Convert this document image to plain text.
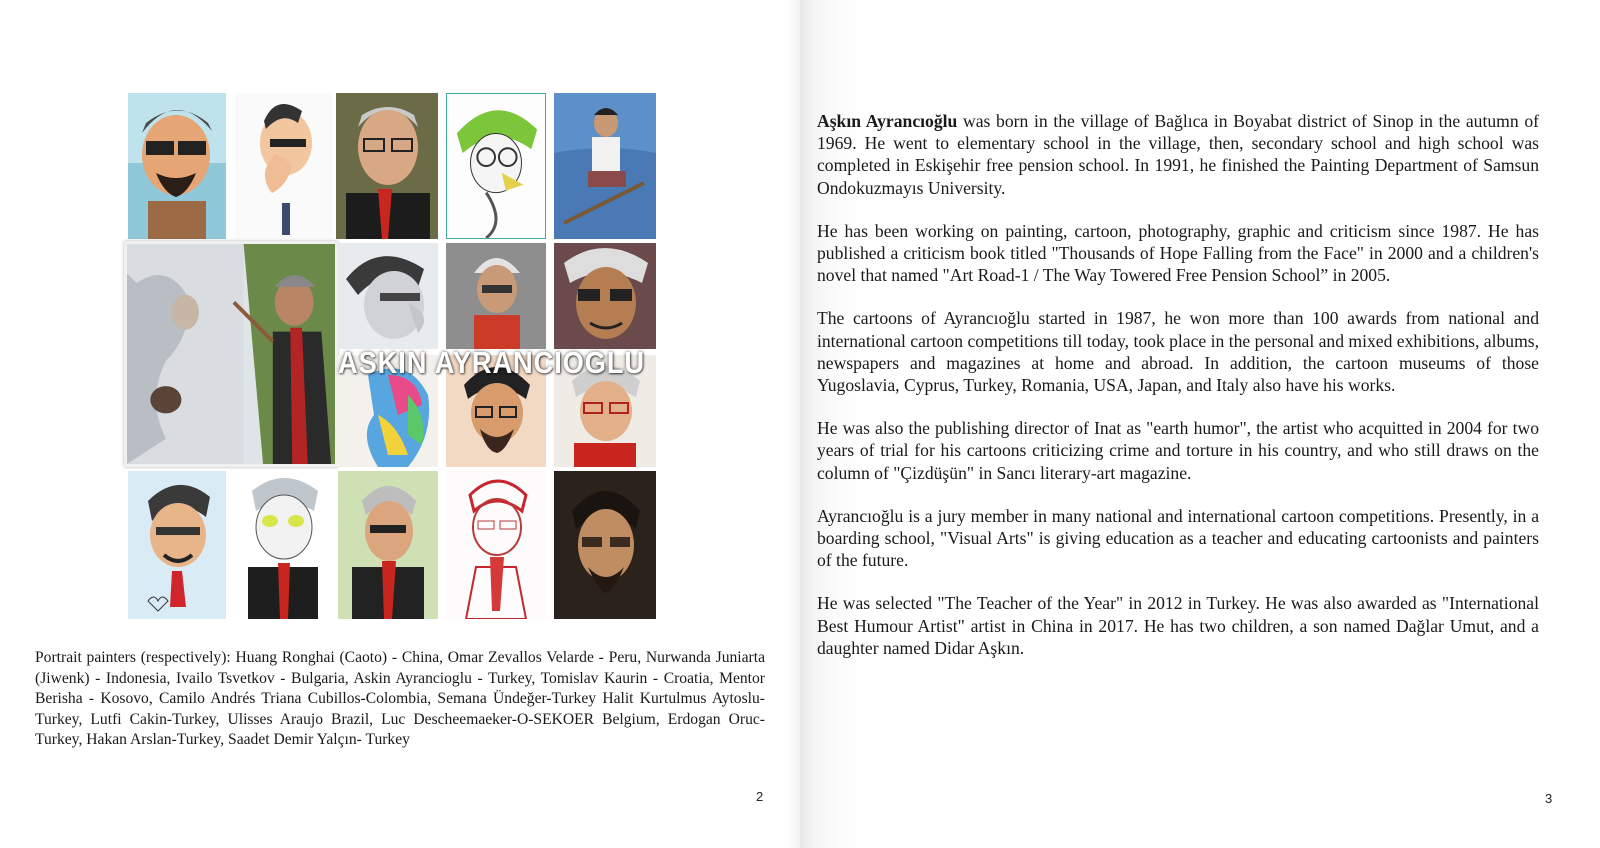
ASKIN AYRANCIOGLU
Portrait painters (respectively): Huang Ronghai (Caoto) - China, Omar Zevallos Velarde - Peru, Nurwanda Juniarta (Jiwenk) - Indonesia, Ivailo Tsvetkov - Bulgaria, Askin Ayrancioglu - Turkey, Tomislav Kaurin - Croatia, Mentor Berisha - Kosovo, Camilo Andrés Triana Cubillos-Colombia, Semana Ündeğer-Turkey Halit Kurtulmus Aytoslu-Turkey, Lutfi Cakin-Turkey, Ulisses Araujo Brazil, Luc Descheemaeker-O-SEKOER Belgium, Erdogan Oruc-Turkey, Hakan Arslan-Turkey, Saadet Demir Yalçın- Turkey
2

Aşkın Ayrancıoğlu was born in the village of Bağlıca in Boyabat district of Sinop in the autumn of 1969. He went to elementary school in the village, then, secondary school and high school was completed in Eskişehir free pension school. In 1991, he finished the Painting Department of Samsun Ondokuzmayıs University.

He has been working on painting, cartoon, photography, graphic and criticism since 1987. He has published a criticism book titled "Thousands of Hope Falling from the Face" in 2000 and a children's novel that named "Art Road-1 / The Way Towered Free Pension School” in 2005.

The cartoons of Ayrancıoğlu started in 1987, he won more than 100 awards from national and international cartoon competitions till today, took place in the personal and mixed exhibitions, albums, newspapers and magazines at home and abroad. In addition, the cartoon museums of those Yugoslavia, Cyprus, Turkey, Romania, USA, Japan, and Italy also have his works.

He was also the publishing director of Inat as "earth humor", the artist who acquitted in 2004 for two years of trial for his cartoons criticizing crime and torture in his country, and who still draws on the column of "Çizdüşün" in Sancı literary-art magazine.

Ayrancıoğlu is a jury member in many national and international cartoon competitions. Presently, in a boarding school, "Visual Arts" is giving education as a teacher and educating cartoonists and painters of the future.

He was selected "The Teacher of the Year" in 2012 in Turkey. He was also awarded as "International Best Humour Artist" artist in China in 2017. He has two children, a son named Dağlar Umut, and a daughter named Didar Aşkın.

3
